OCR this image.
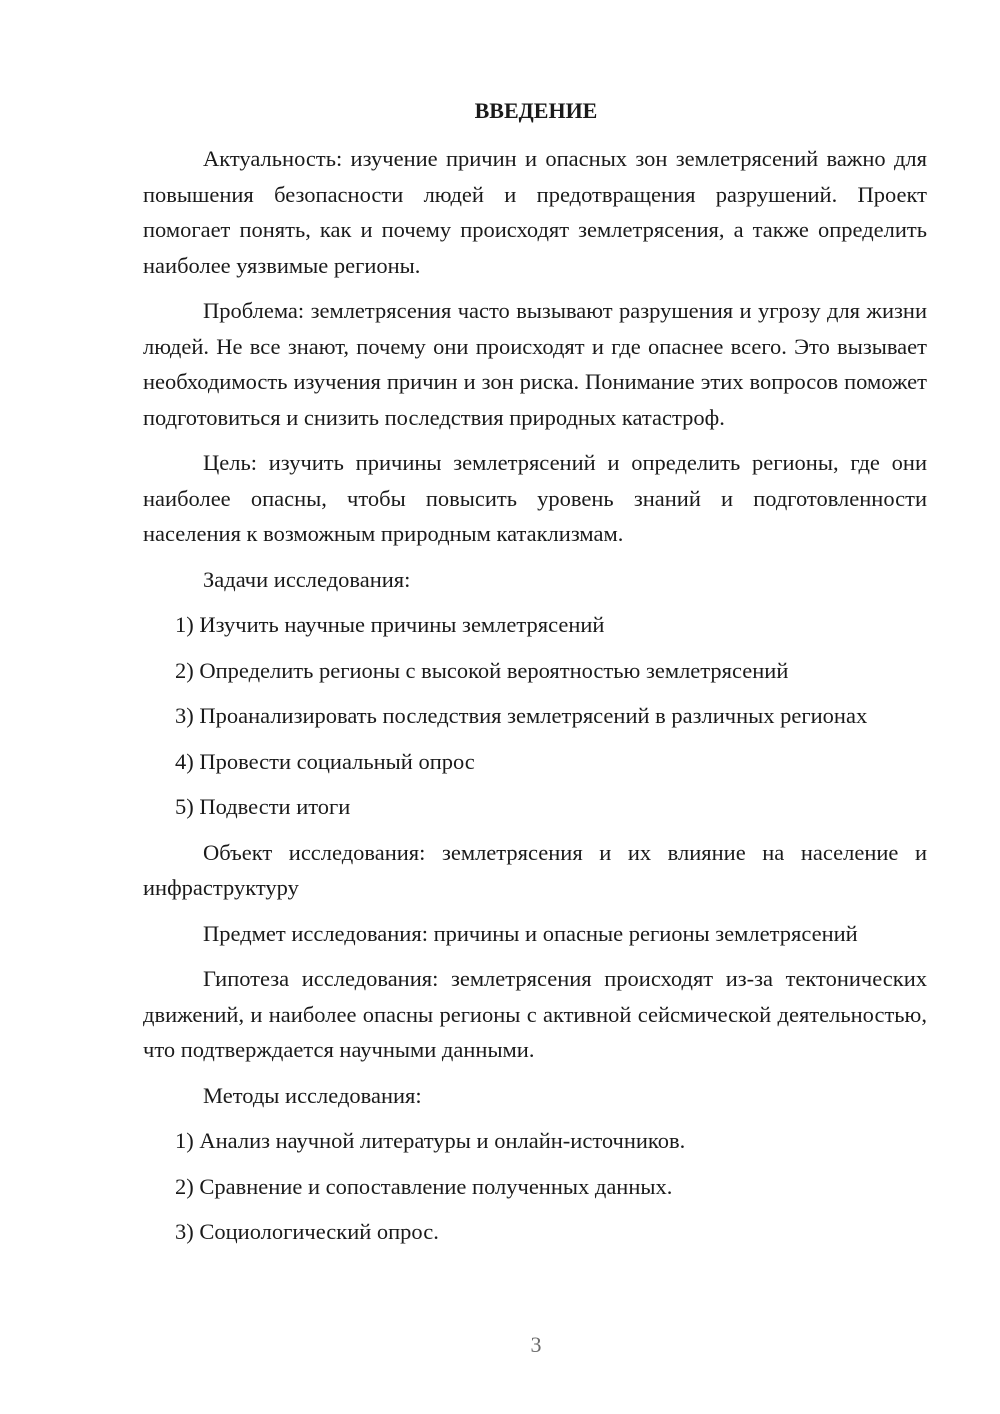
ВВЕДЕНИЕ

Актуальность: изучение причин и опасных зон землетрясений важно для повышения безопасности людей и предотвращения разрушений. Проект помогает понять, как и почему происходят землетрясения, а также определить наиболее уязвимые регионы.

Проблема: землетрясения часто вызывают разрушения и угрозу для жизни людей. Не все знают, почему они происходят и где опаснее всего. Это вызывает необходимость изучения причин и зон риска. Понимание этих вопросов поможет подготовиться и снизить последствия природных катастроф.

Цель: изучить причины землетрясений и определить регионы, где они наиболее опасны, чтобы повысить уровень знаний и подготовленности населения к возможным природным катаклизмам.

Задачи исследования:

1) Изучить научные причины землетрясений

2) Определить регионы с высокой вероятностью землетрясений

3) Проанализировать последствия землетрясений в различных регионах

4) Провести социальный опрос

5) Подвести итоги

Объект исследования: землетрясения и их влияние на население и инфраструктуру

Предмет исследования: причины и опасные регионы землетрясений

Гипотеза исследования: землетрясения происходят из-за тектонических движений, и наиболее опасны регионы с активной сейсмической деятельностью, что подтверждается научными данными.

Методы исследования:

1) Анализ научной литературы и онлайн-источников.

2) Сравнение и сопоставление полученных данных.

3) Социологический опрос.

3
